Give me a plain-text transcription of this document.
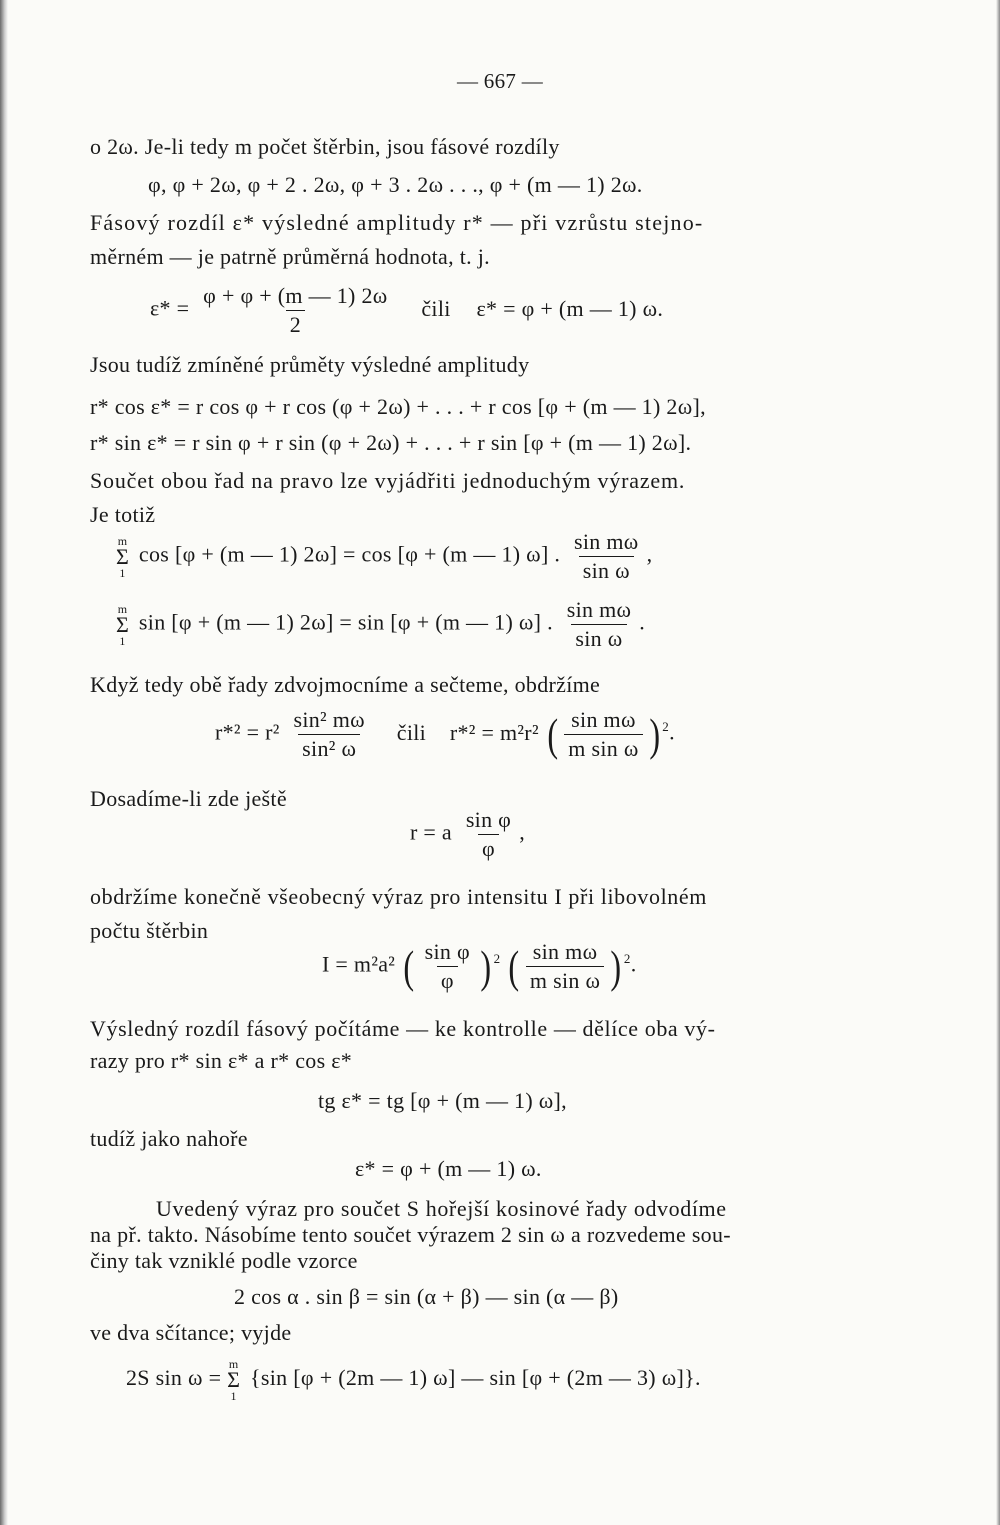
— 667 —
o 2ω. Je-li tedy m počet štěrbin, jsou fásové rozdíly
φ, φ + 2ω, φ + 2 . 2ω, φ + 3 . 2ω . . ., φ + (m — 1) 2ω.
Fásový rozdíl ε* výsledné amplitudy r* — při vzrůstu stejno-
měrném — je patrně průměrná hodnota, t. j.
$\varepsilon* = \frac{\varphi + \varphi + (m — 1) 2\omega}{2}$ čili ε* = φ + (m — 1) ω.
Jsou tudíž zmíněné průměty výsledné amplitudy
r* cos ε* = r cos φ + r cos (φ + 2ω) + . . . + r cos [φ + (m — 1) 2ω],
r* sin ε* = r sin φ + r sin (φ + 2ω) + . . . + r sin [φ + (m — 1) 2ω].
Součet obou řad na pravo lze vyjádřiti jednoduchým výrazem.
Je totiž
m
Σ
1
cos [φ + (m — 1) 2ω] = cos [φ + (m — 1) ω] . $\frac{\text{sin mω}}{\text{sin ω}}$ ,
m
Σ
1
sin [φ + (m — 1) 2ω] = sin [φ + (m — 1) ω] . $\frac{\text{sin mω}}{\text{sin ω}}$ .
Když tedy obě řady zdvojmocníme a sečteme, obdržíme
$r*^2 = r^2 \frac{\text{sin² mω}}{\text{sin² ω}}$ čili r*² = m²r² ( $\frac{\text{sin mω}}{\text{m sin ω}}$ ) $^2$.
Dosadíme-li zde ještě
r = a $\frac{\text{sin φ}}{\varphi}$ ,
obdržíme konečně všeobecný výraz pro intensitu I při libovolném
počtu štěrbin
I = m²a² ( $\frac{\text{sin φ}}{\varphi}$ ) $^2$ ( $\frac{\text{sin mω}}{\text{m sin ω}}$ ) $^2$.
Výsledný rozdíl fásový počítáme — ke kontrolle — dělíce oba vý-
razy pro r* sin ε* a r* cos ε*
tg ε* = tg [φ + (m — 1) ω],
tudíž jako nahoře
ε* = φ + (m — 1) ω.
Uvedený výraz pro součet S hořejší kosinové řady odvodíme
na př. takto. Násobíme tento součet výrazem 2 sin ω a rozvedeme sou-
činy tak vzniklé podle vzorce
2 cos α . sin β = sin (α + β) — sin (α — β)
ve dva sčítance; vyjde
2S sin ω =
m
Σ
1
{sin [φ + (2m — 1) ω] — sin [φ + (2m — 3) ω]}.
